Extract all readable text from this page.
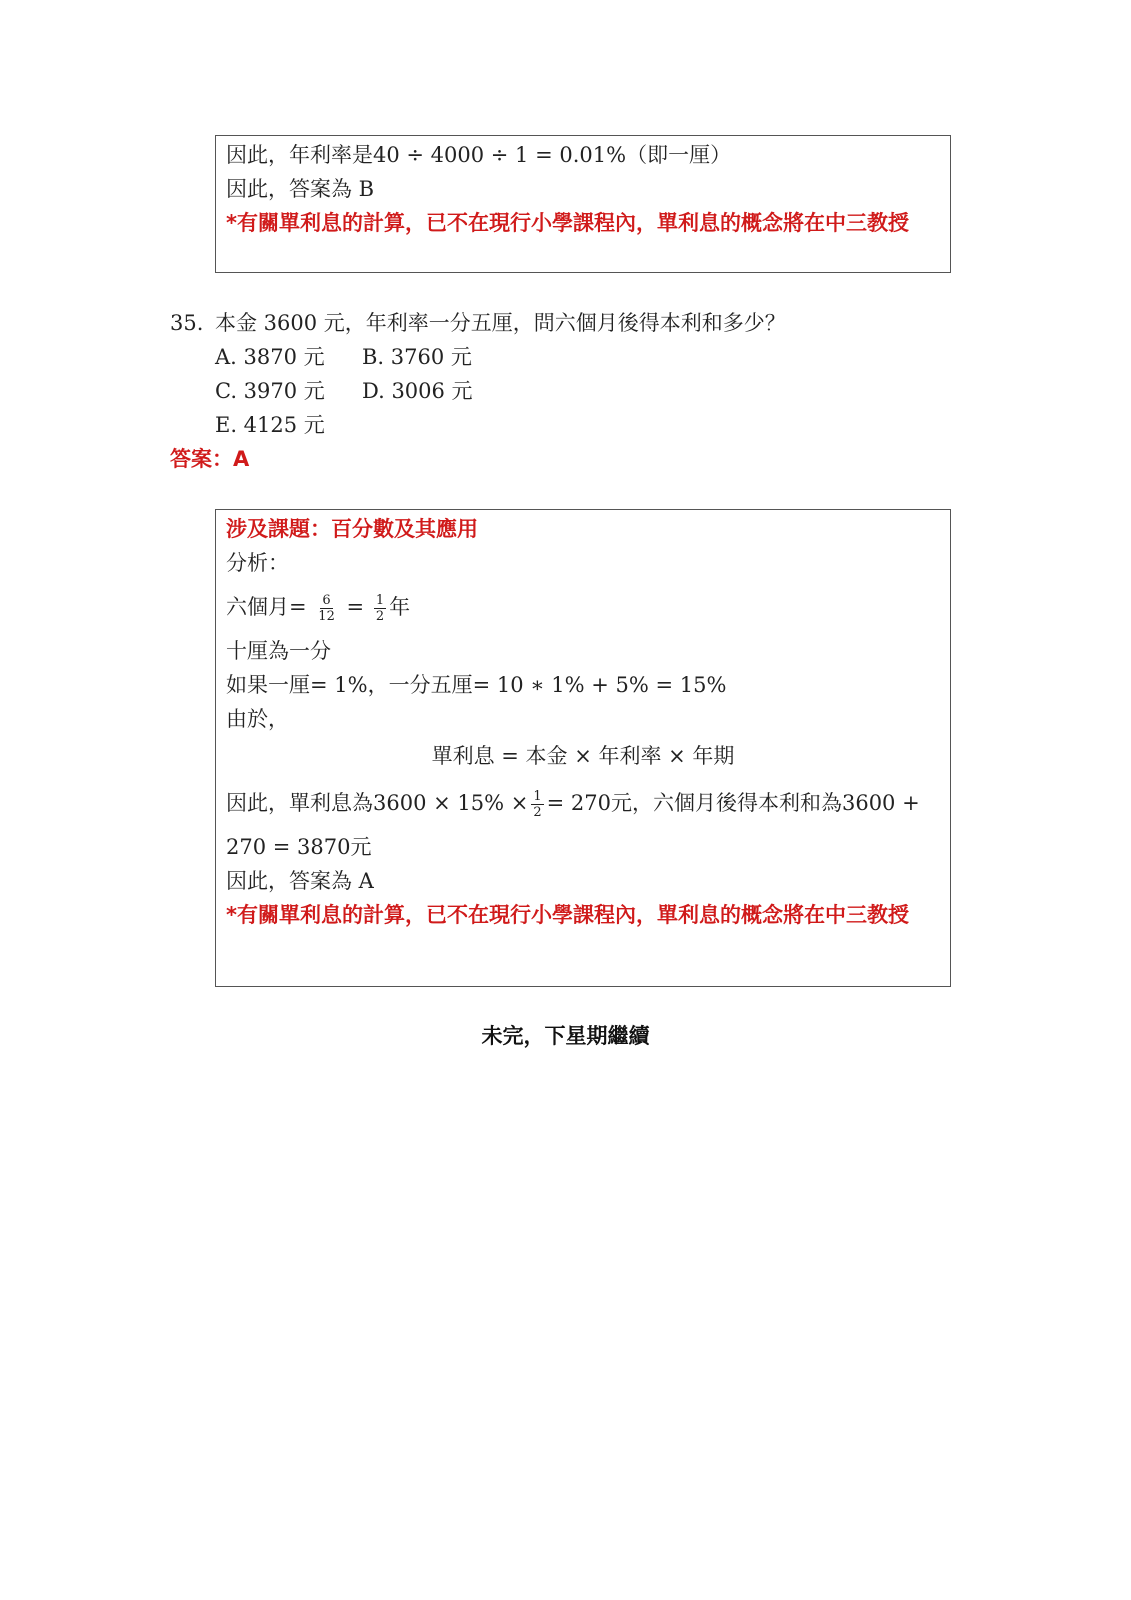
因此，年利率是40 ÷ 4000 ÷ 1 = 0.01%（即一厘）
因此，答案為 B
*有關單利息的計算，已不在現行小學課程內，單利息的概念將在中三教授
35. 本金 3600 元，年利率一分五厘，問六個月後得本利和多少？
A. 3870 元 B. 3760 元
C. 3970 元 D. 3006 元
E. 4125 元
答案：A
涉及課題：百分數及其應用
分析：
六個月= $\frac{6}{12} = \frac{1}{2}$ 年
十厘為一分
如果一厘= 1%，一分五厘= 10 ∗ 1% + 5% = 15%
由於，
單利息 = 本金 × 年利率 × 年期
因此，單利息為$3600 \times 15\% \times \frac{1}{2} = 270$元，六個月後得本利和為3600 +
270 = 3870元
因此，答案為 A
*有關單利息的計算，已不在現行小學課程內，單利息的概念將在中三教授
未完，下星期繼續
